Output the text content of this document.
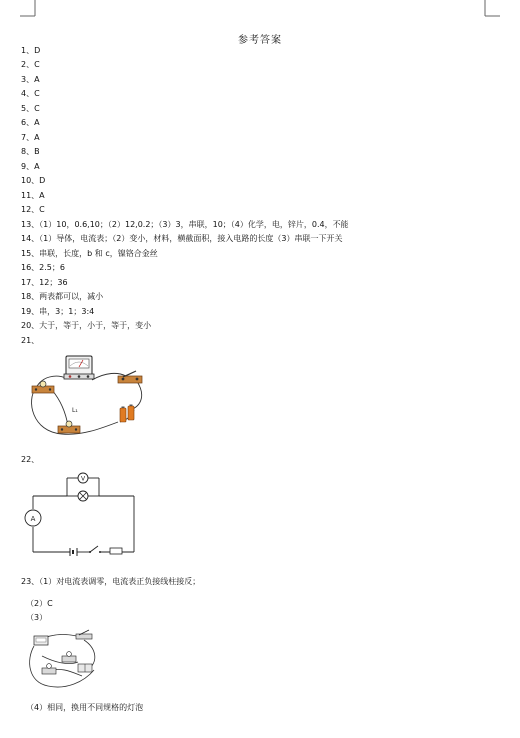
参考答案
1、D
2、C
3、A
4、C
5、C
6、A
7、A
8、B
9、A
10、D
11、A
12、C
13、（1）10，0.6,10；（2）12,0.2；（3）3，串联，10；（4）化学，电，锌片，0.4，不能
14、（1）导体，电流表；（2）变小，材料，横截面积，接入电路的长度（3）串联一下开关
15、串联，长度，b 和 c，镍铬合金丝
16、2.5；6
17、12；36
18、两表都可以，减小
19、串，3；1；3:4
20、大于，等于，小于，等于，变小
21、
L₁
22、
V
A
23、（1）对电流表调零，电流表正负接线柱接反；
（2）C
（3）
（4）相同，换用不同规格的灯泡
